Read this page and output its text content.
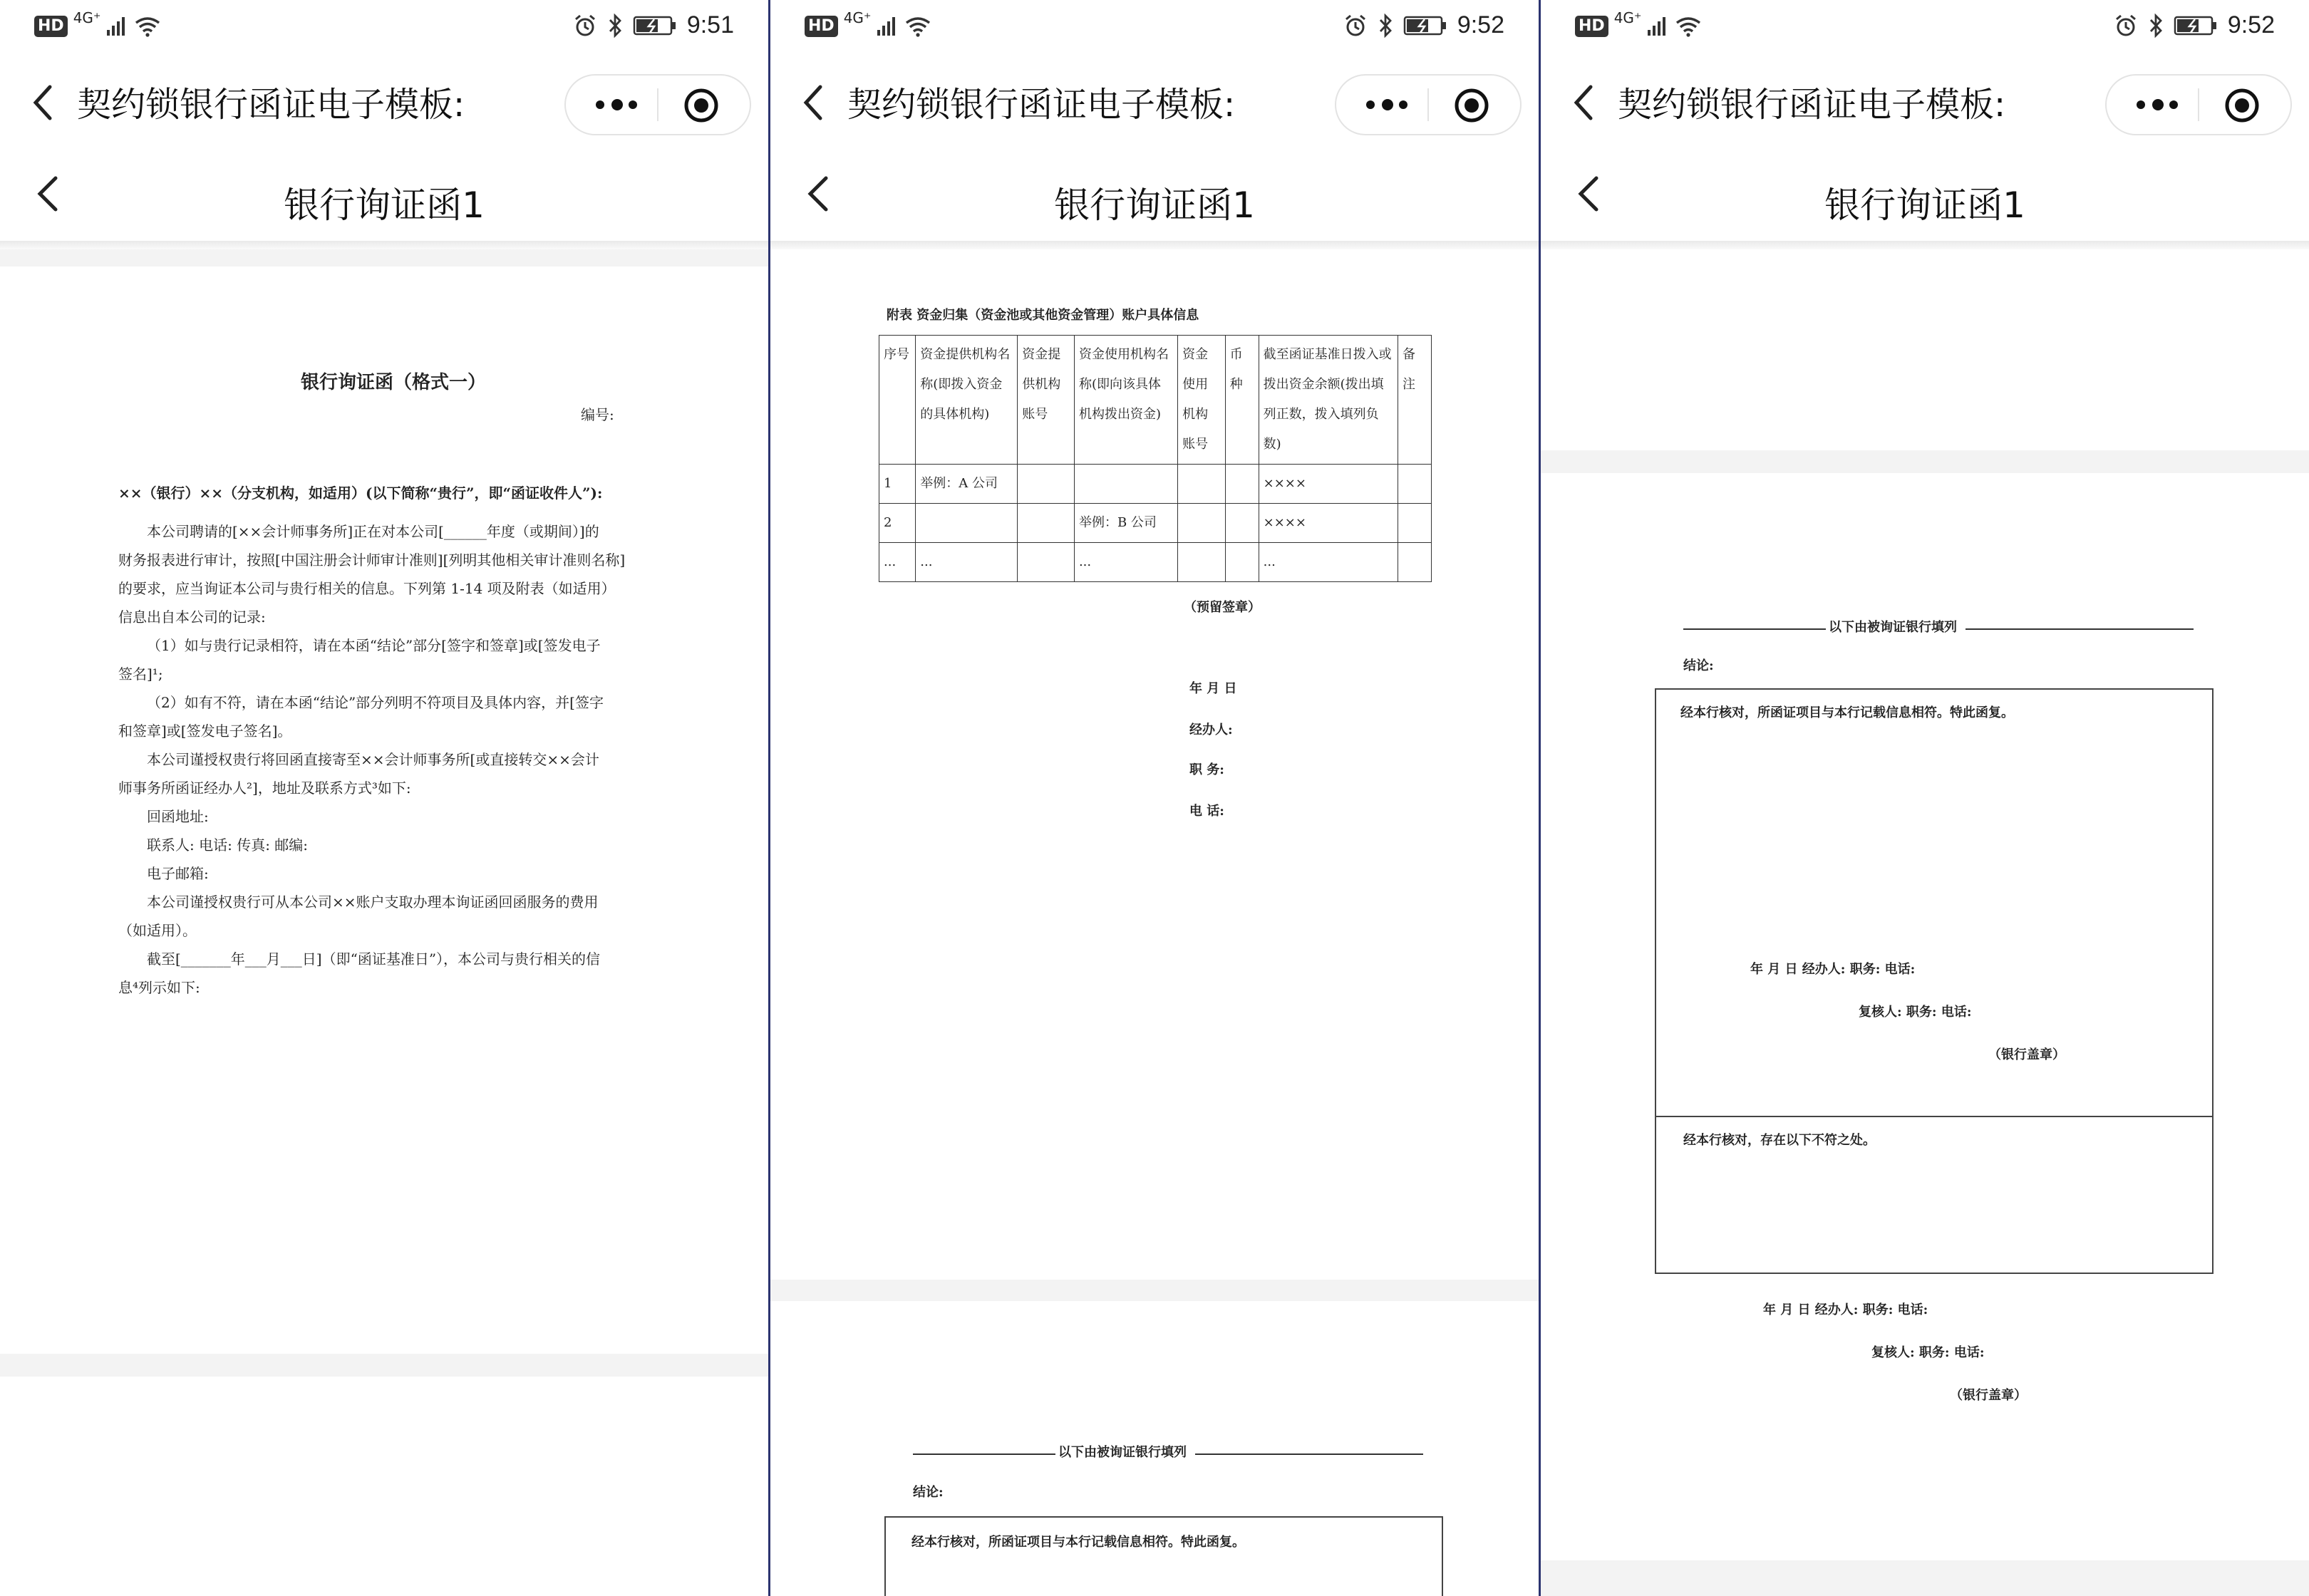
HD 4G⁺	9:51
契约锁银行函证电子模板:
银行询证函1
银行询证函（格式一）
编号:
××（银行）××（分支机构，如适用）(以下简称“贵行”，即“函证收件人”):
本公司聘请的[××会计师事务所]正在对本公司[______年度（或期间）]的
财务报表进行审计，按照[中国注册会计师审计准则][列明其他相关审计准则名称]
的要求，应当询证本公司与贵行相关的信息。下列第 1-14 项及附表（如适用）
信息出自本公司的记录:
（1）如与贵行记录相符，请在本函“结论”部分[签字和签章]或[签发电子
签名]¹;
（2）如有不符，请在本函“结论”部分列明不符项目及具体内容，并[签字
和签章]或[签发电子签名]。
本公司谨授权贵行将回函直接寄至××会计师事务所[或直接转交××会计
师事务所函证经办人²]，地址及联系方式³如下:
回函地址:
联系人: 电话: 传真: 邮编:
电子邮箱:
本公司谨授权贵行可从本公司××账户支取办理本询证函回函服务的费用
（如适用）。
截至[_______年___月___日]（即“函证基准日”），本公司与贵行相关的信
息⁴列示如下:
HD 4G⁺	9:52
契约锁银行函证电子模板:
银行询证函1
附表 资金归集（资金池或其他资金管理）账户具体信息
序号	资金提供机构名称(即拨入资金的具体机构)	资金提供机构账号	资金使用机构名称(即向该具体机构拨出资金)	资金使用机构账号	币种	截至函证基准日拨入或拨出资金余额(拨出填列正数，拨入填列负数)	备注
1	举例：A 公司					××××	
2			举例：B 公司			××××	
...	...		...			...	
（预留签章）
年 月 日
经办人:
职 务:
电 话:
以下由被询证银行填列
结论:
经本行核对，所函证项目与本行记载信息相符。特此函复。
HD 4G⁺	9:52
契约锁银行函证电子模板:
银行询证函1
以下由被询证银行填列
结论:
经本行核对，所函证项目与本行记载信息相符。特此函复。
年 月 日 经办人: 职务: 电话:
复核人: 职务: 电话:
（银行盖章）
经本行核对，存在以下不符之处。
年 月 日 经办人: 职务: 电话:
复核人: 职务: 电话:
（银行盖章）
